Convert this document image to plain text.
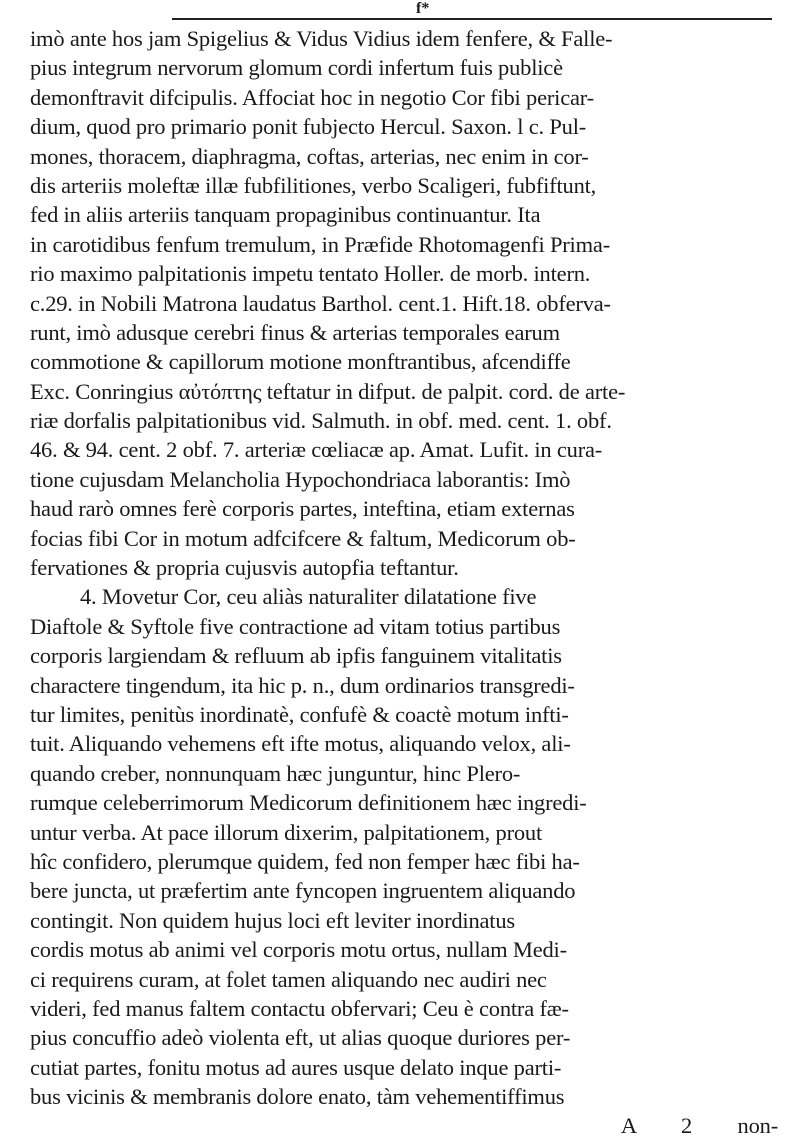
f*
imò ante hos jam Spigelius & Vidus Vidius idem fenfere, & Falle-
pius integrum nervorum glomum cordi infertum fuis publicè
demonftravit difcipulis. Affociat hoc in negotio Cor fibi pericar-
dium, quod pro primario ponit fubjecto Hercul. Saxon. l c. Pul-
mones, thoracem, diaphragma, coftas, arterias, nec enim in cor-
dis arteriis moleftæ illæ fubfilitiones, verbo Scaligeri, fubfiftunt,
fed in aliis arteriis tanquam propaginibus continuantur. Ita
in carotidibus fenfum tremulum, in Præfide Rhotomagenfi Prima-
rio maximo palpitationis impetu tentato Holler. de morb. intern.
c.29. in Nobili Matrona laudatus Barthol. cent.1. Hift.18. obferva-
runt, imò adusque cerebri finus & arterias temporales earum
commotione & capillorum motione monftrantibus, afcendiffe
Exc. Conringius αὐτόπτης teftatur in difput. de palpit. cord. de arte-
riæ dorfalis palpitationibus vid. Salmuth. in obf. med. cent. 1. obf.
46. & 94. cent. 2 obf. 7. arteriæ cœliacæ ap. Amat. Lufit. in cura-
tione cujusdam Melancholia Hypochondriaca laborantis: Imò
haud rarò omnes ferè corporis partes, inteftina, etiam externas
focias fibi Cor in motum adfcifcere & faltum, Medicorum ob-
fervationes & propria cujusvis autopfia teftantur.
4. Movetur Cor, ceu aliàs naturaliter dilatatione five
Diaftole & Syftole five contractione ad vitam totius partibus
corporis largiendam & refluum ab ipfis fanguinem vitalitatis
charactere tingendum, ita hic p. n., dum ordinarios transgredi-
tur limites, penitùs inordinatè, confufè & coactè motum infti-
tuit. Aliquando vehemens eft ifte motus, aliquando velox, ali-
quando creber, nonnunquam hæc junguntur, hinc Plero-
rumque celeberrimorum Medicorum definitionem hæc ingredi-
untur verba. At pace illorum dixerim, palpitationem, prout
hîc confidero, plerumque quidem, fed non femper hæc fibi ha-
bere juncta, ut præfertim ante fyncopen ingruentem aliquando
contingit. Non quidem hujus loci eft leviter inordinatus
cordis motus ab animi vel corporis motu ortus, nullam Medi-
ci requirens curam, at folet tamen aliquando nec audiri nec
videri, fed manus faltem contactu obfervari; Ceu è contra fæ-
pius concuffio adeò violenta eft, ut alias quoque duriores per-
cutiat partes, fonitu motus ad aures usque delato inque parti-
bus vicinis & membranis dolore enato, tàm vehementiffimus
A 2 non-
